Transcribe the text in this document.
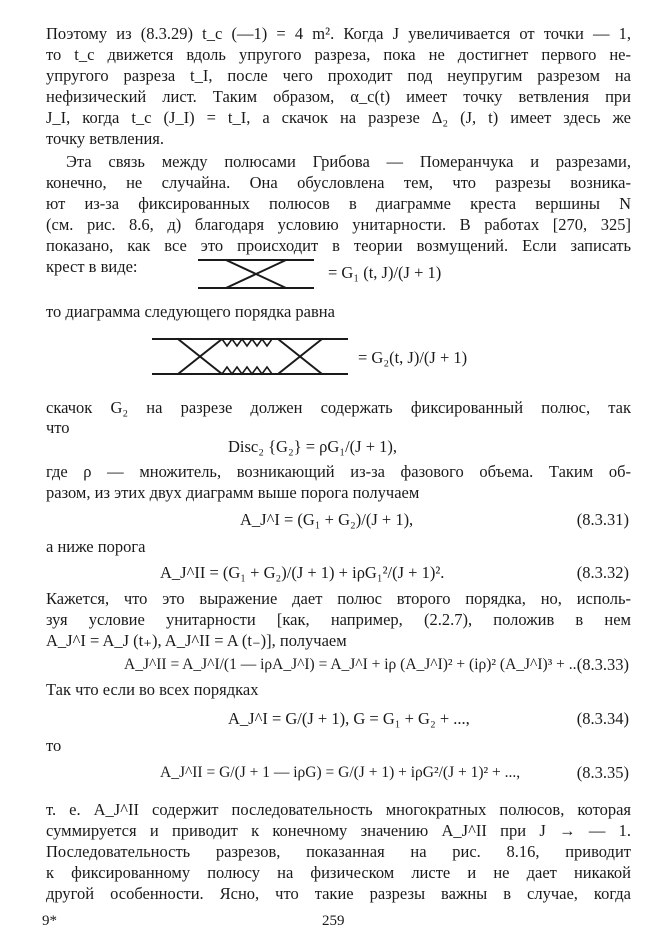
Поэтому из (8.3.29) t_c (—1) = 4 m². Когда J увеличивается от точки — 1,
то t_c движется вдоль упругого разреза, пока не достигнет первого не-
упругого разреза t_I, после чего проходит под неупругим разрезом на
нефизический лист. Таким образом, α_c(t) имеет точку ветвления при
J_I, когда t_c (J_I) = t_I, а скачок на разрезе Δ₂ (J, t) имеет здесь же
точку ветвления.
Эта связь между полюсами Грибова — Померанчука и разрезами,
конечно, не случайна. Она обусловлена тем, что разрезы возника-
ют из-за фиксированных полюсов в диаграмме креста вершины N
(см. рис. 8.6, д) благодаря условию унитарности. В работах [270, 325]
показано, как все это происходит в теории возмущений. Если записать
крест в виде:	= G₁ (t, J)/(J + 1)
то диаграмма следующего порядка равна
= G₂(t, J)/(J + 1)
скачок G₂ на разрезе должен содержать фиксированный полюс, так
что
Disc₂ {G₂} = ρG₁/(J + 1),
где ρ — множитель, возникающий из-за фазового объема. Таким об-
разом, из этих двух диаграмм выше порога получаем
A_J^I = (G₁ + G₂)/(J + 1),	(8.3.31)
а ниже порога
A_J^II = (G₁ + G₂)/(J + 1) + iρG₁²/(J + 1)².	(8.3.32)
Кажется, что это выражение дает полюс второго порядка, но, исполь-
зуя условие унитарности [как, например, (2.2.7), положив в нем
A_J^I = A_J (t₊), A_J^II = A (t₋)], получаем
A_J^II = A_J^I/(1 — iρA_J^I) = A_J^I + iρ (A_J^I)² + (iρ)² (A_J^I)³ + ...
(8.3.33)
Так что если во всех порядках
A_J^I = G/(J + 1), G = G₁ + G₂ + ...,	(8.3.34)
то
A_J^II = G/(J + 1 — iρG) = G/(J + 1) + iρG²/(J + 1)² + ...,	(8.3.35)
т. е. A_J^II содержит последовательность многократных полюсов, которая
суммируется и приводит к конечному значению A_J^II при J → — 1.
Последовательность разрезов, показанная на рис. 8.16, приводит
к фиксированному полюсу на физическом листе и не дает никакой
другой особенности. Ясно, что такие разрезы важны в случае, когда
9*	259
